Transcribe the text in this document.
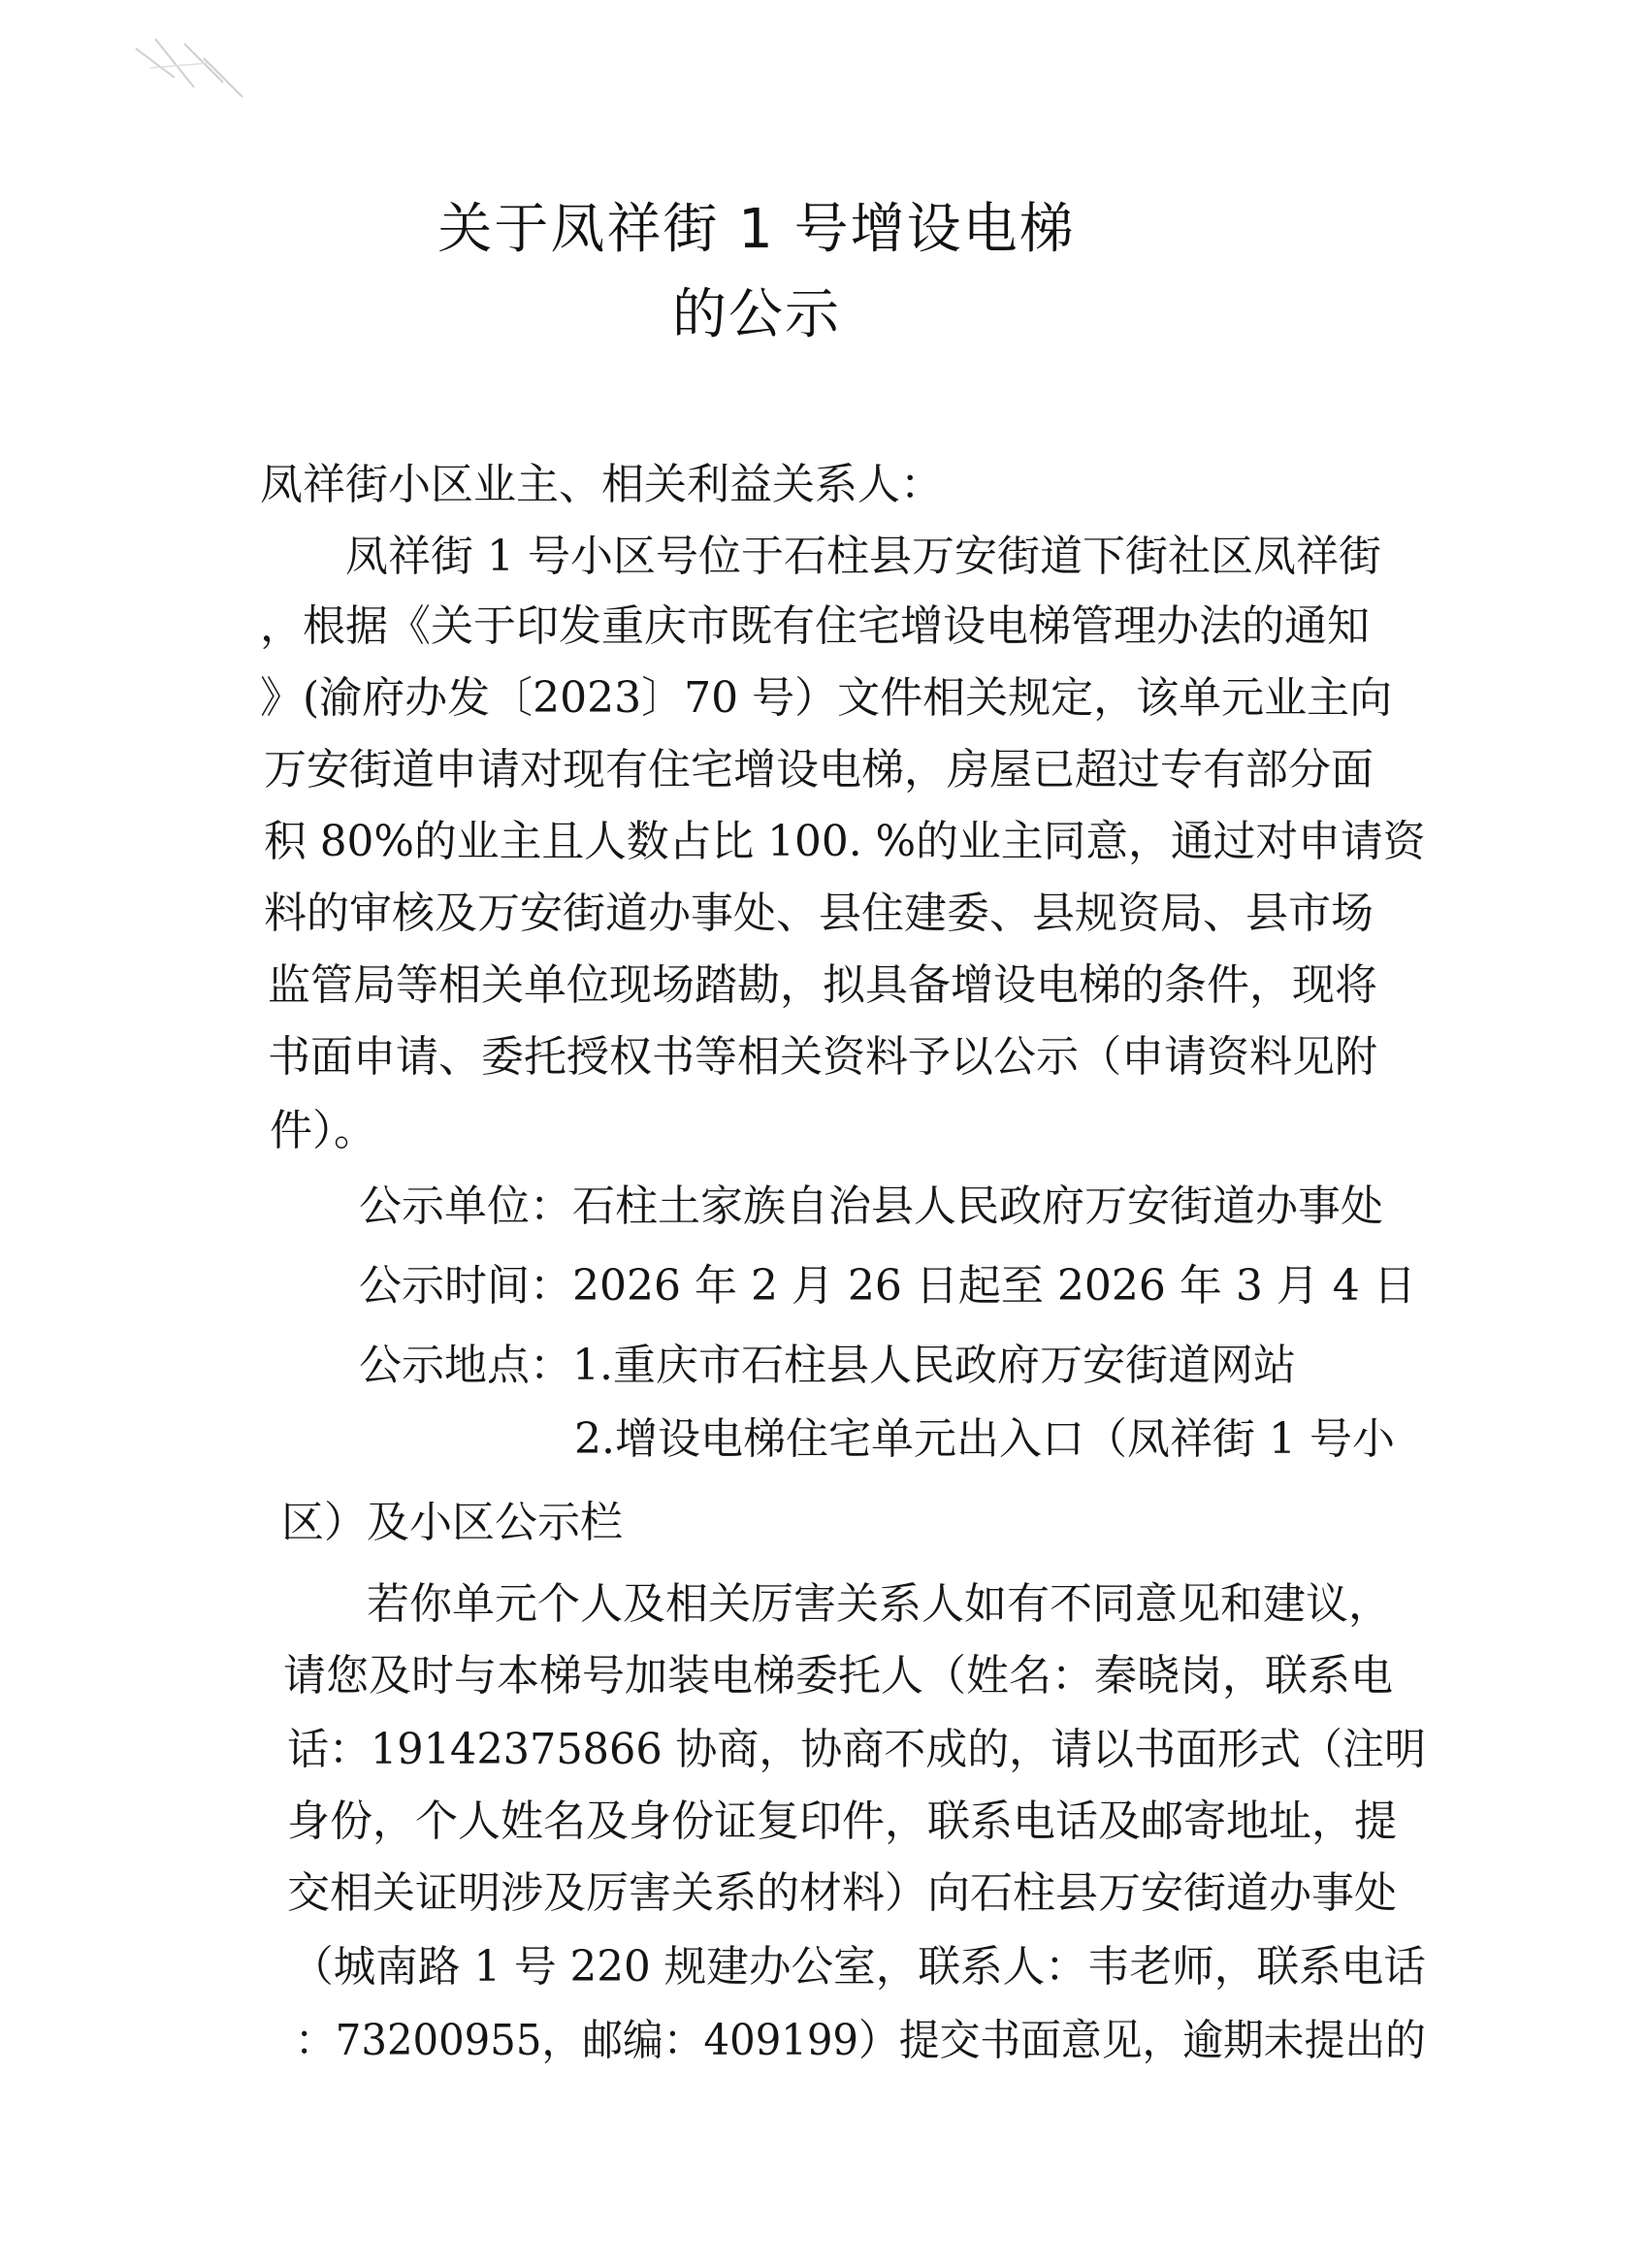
关于凤祥街 1 号增设电梯
的公示
凤祥街小区业主、相关利益关系人：
凤祥街 1 号小区号位于石柱县万安街道下街社区凤祥街
，根据《关于印发重庆市既有住宅增设电梯管理办法的通知
》(渝府办发〔2023〕70 号）文件相关规定，该单元业主向
万安街道申请对现有住宅增设电梯，房屋已超过专有部分面
积 80%的业主且人数占比 100. %的业主同意，通过对申请资
料的审核及万安街道办事处、县住建委、县规资局、县市场
监管局等相关单位现场踏勘，拟具备增设电梯的条件，现将
书面申请、委托授权书等相关资料予以公示（申请资料见附
件）。
公示单位：石柱土家族自治县人民政府万安街道办事处
公示时间：2026 年 2 月 26 日起至 2026 年 3 月 4 日
公示地点：1.重庆市石柱县人民政府万安街道网站
2.增设电梯住宅单元出入口（凤祥街 1 号小
区）及小区公示栏
若你单元个人及相关厉害关系人如有不同意见和建议，
请您及时与本梯号加装电梯委托人（姓名：秦晓岗，联系电
话：19142375866 协商，协商不成的，请以书面形式（注明
身份，个人姓名及身份证复印件，联系电话及邮寄地址，提
交相关证明涉及厉害关系的材料）向石柱县万安街道办事处
（城南路 1 号 220 规建办公室，联系人：韦老师，联系电话
：73200955，邮编：409199）提交书面意见，逾期未提出的
